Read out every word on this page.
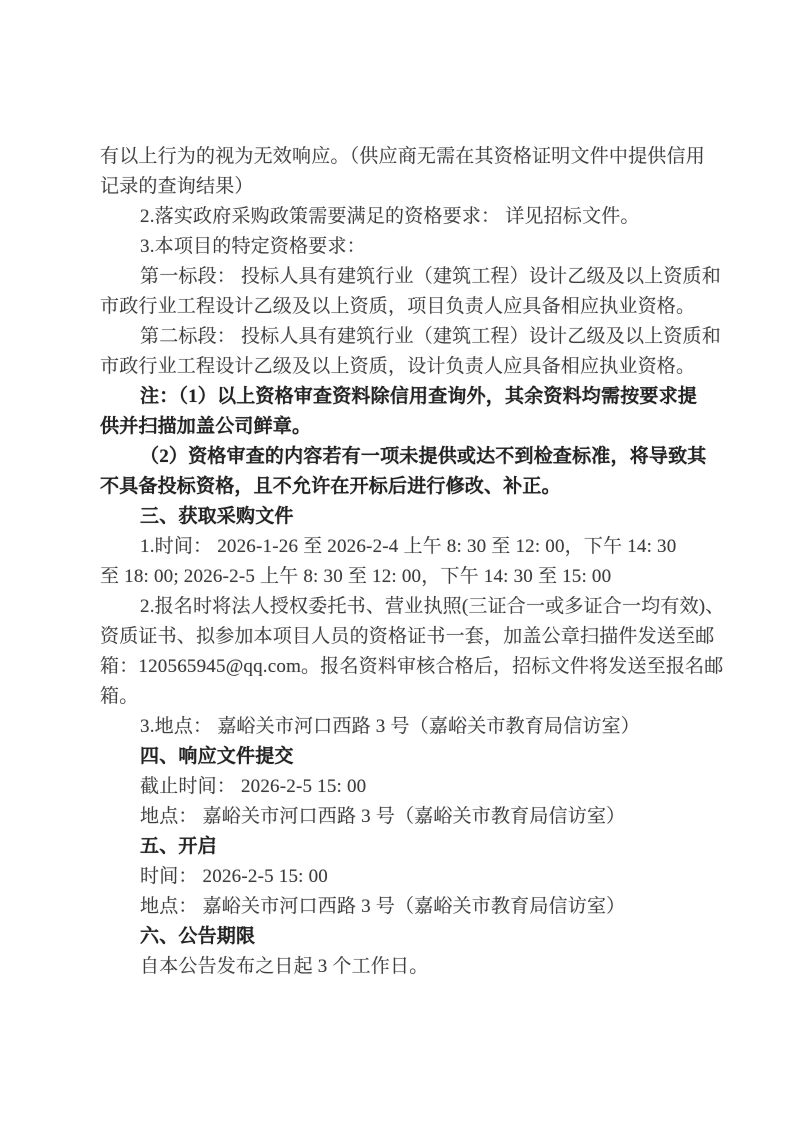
有以上行为的视为无效响应。（供应商无需在其资格证明文件中提供信用
记录的查询结果）
2.落实政府采购政策需要满足的资格要求： 详见招标文件。
3.本项目的特定资格要求：
第一标段： 投标人具有建筑行业（建筑工程）设计乙级及以上资质和
市政行业工程设计乙级及以上资质，项目负责人应具备相应执业资格。
第二标段： 投标人具有建筑行业（建筑工程）设计乙级及以上资质和
市政行业工程设计乙级及以上资质，设计负责人应具备相应执业资格。
注：（1）以上资格审查资料除信用查询外，其余资料均需按要求提
供并扫描加盖公司鲜章。
（2）资格审查的内容若有一项未提供或达不到检查标准，将导致其
不具备投标资格，且不允许在开标后进行修改、补正。
三、获取采购文件
1.时间： 2026-1-26 至 2026-2-4 上午 8: 30 至 12: 00，下午 14: 30
至 18: 00; 2026-2-5 上午 8: 30 至 12: 00，下午 14: 30 至 15: 00
2.报名时将法人授权委托书、营业执照(三证合一或多证合一均有效)、
资质证书、拟参加本项目人员的资格证书一套，加盖公章扫描件发送至邮
箱：120565945@qq.com。报名资料审核合格后，招标文件将发送至报名邮
箱。
3.地点： 嘉峪关市河口西路 3 号（嘉峪关市教育局信访室）
四、响应文件提交
截止时间： 2026-2-5 15: 00
地点： 嘉峪关市河口西路 3 号（嘉峪关市教育局信访室）
五、开启
时间： 2026-2-5 15: 00
地点： 嘉峪关市河口西路 3 号（嘉峪关市教育局信访室）
六、公告期限
自本公告发布之日起 3 个工作日。
